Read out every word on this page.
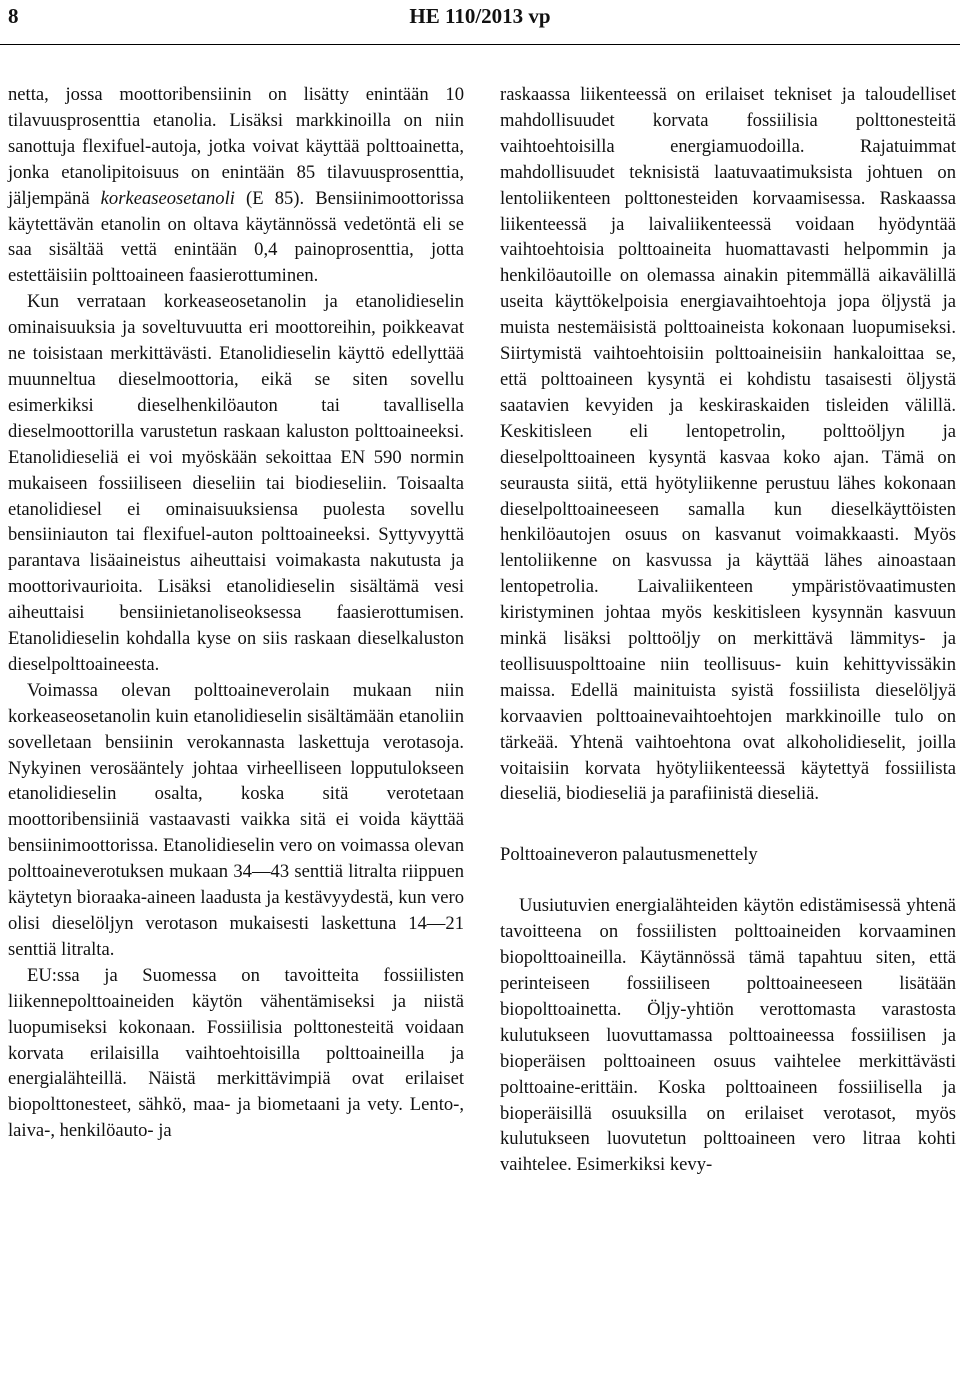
8	HE 110/2013 vp

netta, jossa moottoribensiinin on lisätty enintään 10 tilavuusprosenttia etanolia. Lisäksi markkinoilla on niin sanottuja flexifuel-autoja, jotka voivat käyttää polttoainetta, jonka etanolipitoisuus on enintään 85 tilavuusprosenttia, jäljempänä korkeaseosetanoli (E 85). Bensiinimoottorissa käytettävän etanolin on oltava käytännössä vedetöntä eli se saa sisältää vettä enintään 0,4 painoprosenttia, jotta estettäisiin polttoaineen faasierottuminen.

Kun verrataan korkeaseosetanolin ja etanolidieselin ominaisuuksia ja soveltuvuutta eri moottoreihin, poikkeavat ne toisistaan merkittävästi. Etanolidieselin käyttö edellyttää muunneltua dieselmoottoria, eikä se siten sovellu esimerkiksi dieselhenkilöauton tai tavallisella dieselmoottorilla varustetun raskaan kaluston polttoaineeksi. Etanolidieseliä ei voi myöskään sekoittaa EN 590 normin mukaiseen fossiiliseen dieseliin tai biodieseliin. Toisaalta etanolidiesel ei ominaisuuksiensa puolesta sovellu bensiiniauton tai flexifuel-auton polttoaineeksi. Syttyvyyttä parantava lisäaineistus aiheuttaisi voimakasta nakutusta ja moottorivaurioita. Lisäksi etanolidieselin sisältämä vesi aiheuttaisi bensiinietanoliseoksessa faasierottumisen. Etanolidieselin kohdalla kyse on siis raskaan dieselkaluston dieselpolttoaineesta.

Voimassa olevan polttoaineverolain mukaan niin korkeaseosetanolin kuin etanolidieselin sisältämään etanoliin sovelletaan bensiinin verokannasta laskettuja verotasoja. Nykyinen verosääntely johtaa virheelliseen lopputulokseen etanolidieselin osalta, koska sitä verotetaan moottoribensiiniä vastaavasti vaikka sitä ei voida käyttää bensiinimoottorissa. Etanolidieselin vero on voimassa olevan polttoaineverotuksen mukaan 34—43 senttiä litralta riippuen käytetyn bioraaka-aineen laadusta ja kestävyydestä, kun vero olisi dieselöljyn verotason mukaisesti laskettuna 14—21 senttiä litralta.

EU:ssa ja Suomessa on tavoitteita fossiilisten liikennepolttoaineiden käytön vähentämiseksi ja niistä luopumiseksi kokonaan. Fossiilisia polttonesteitä voidaan korvata erilaisilla vaihtoehtoisilla polttoaineilla ja energialähteillä. Näistä merkittävimpiä ovat erilaiset biopolttonesteet, sähkö, maa- ja biometaani ja vety. Lento-, laiva-, henkilöauto- ja

raskaassa liikenteessä on erilaiset tekniset ja taloudelliset mahdollisuudet korvata fossiilisia polttonesteitä vaihtoehtoisilla energiamuodoilla. Rajatuimmat mahdollisuudet teknisistä laatuvaatimuksista johtuen on lentoliikenteen polttonesteiden korvaamisessa. Raskaassa liikenteessä ja laivaliikenteessä voidaan hyödyntää vaihtoehtoisia polttoaineita huomattavasti helpommin ja henkilöautoille on olemassa ainakin pitemmällä aikavälillä useita käyttökelpoisia energiavaihtoehtoja jopa öljystä ja muista nestemäisistä polttoaineista kokonaan luopumiseksi. Siirtymistä vaihtoehtoisiin polttoaineisiin hankaloittaa se, että polttoaineen kysyntä ei kohdistu tasaisesti öljystä saatavien kevyiden ja keskiraskaiden tisleiden välillä. Keskitisleen eli lentopetrolin, polttoöljyn ja dieselpolttoaineen kysyntä kasvaa koko ajan. Tämä on seurausta siitä, että hyötyliikenne perustuu lähes kokonaan dieselpolttoaineeseen samalla kun dieselkäyttöisten henkilöautojen osuus on kasvanut voimakkaasti. Myös lentoliikenne on kasvussa ja käyttää lähes ainoastaan lentopetrolia. Laivaliikenteen ympäristövaatimusten kiristyminen johtaa myös keskitisleen kysynnän kasvuun minkä lisäksi polttoöljy on merkittävä lämmitys- ja teollisuuspolttoaine niin teollisuus- kuin kehittyvissäkin maissa. Edellä mainituista syistä fossiilista dieselöljyä korvaavien polttoainevaihtoehtojen markkinoille tulo on tärkeää. Yhtenä vaihtoehtona ovat alkoholidieselit, joilla voitaisiin korvata hyötyliikenteessä käytettyä fossiilista dieseliä, biodieseliä ja parafiinistä dieseliä.

Polttoaineveron palautusmenettely

Uusiutuvien energialähteiden käytön edistämisessä yhtenä tavoitteena on fossiilisten polttoaineiden korvaaminen biopolttoaineilla. Käytännössä tämä tapahtuu siten, että perinteiseen fossiiliseen polttoaineeseen lisätään biopolttoainetta. Öljy-yhtiön verottomasta varastosta kulutukseen luovuttamassa polttoaineessa fossiilisen ja bioperäisen polttoaineen osuus vaihtelee merkittävästi polttoaine-erittäin. Koska polttoaineen fossiilisella ja bioperäisillä osuuksilla on erilaiset verotasot, myös kulutukseen luovutetun polttoaineen vero litraa kohti vaihtelee. Esimerkiksi kevy-
